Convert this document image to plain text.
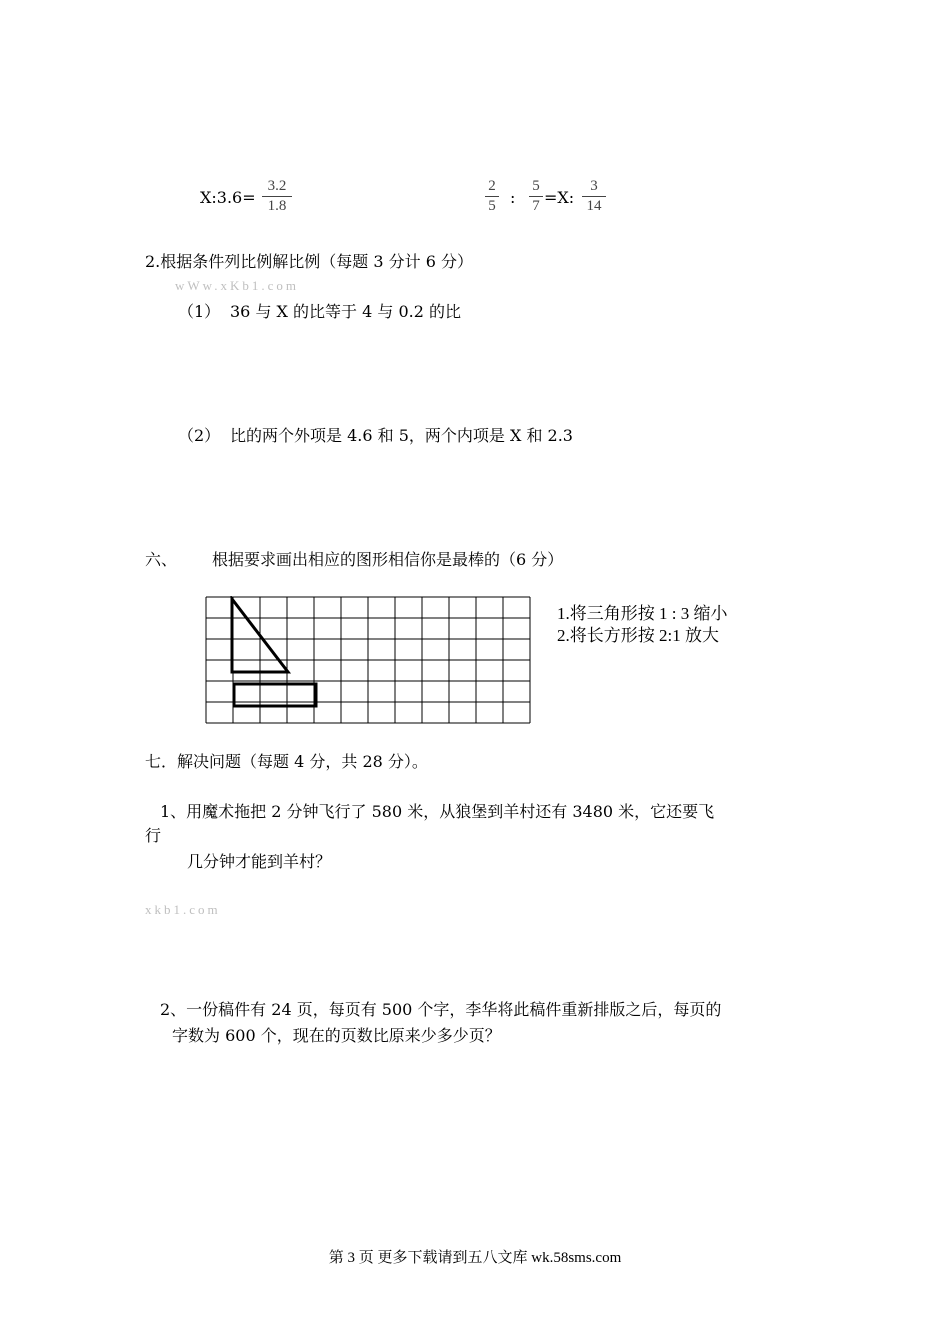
X:3.6=
3.2
1.8
2
5 :
5
7 =X:
3
14
2.根据条件列比例解比例（每题 3 分计 6 分）
wWw.xKb1.com
（1） 36 与 X 的比等于 4 与 0.2 的比
（2） 比的两个外项是 4.6 和 5，两个内项是 X 和 2.3
六、 根据要求画出相应的图形相信你是最棒的（6 分）
1.将三角形按 1 : 3 缩小
2.将长方形按 2:1 放大
七．解决问题（每题 4 分，共 28 分）。
1、用魔术拖把 2 分钟飞行了 580 米，从狼堡到羊村还有 3480 米，它还要飞
行
几分钟才能到羊村？
xkb1.com
2、一份稿件有 24 页，每页有 500 个字，李华将此稿件重新排版之后，每页的
字数为 600 个，现在的页数比原来少多少页？
第 3 页 更多下载请到五八文库 wk.58sms.com
